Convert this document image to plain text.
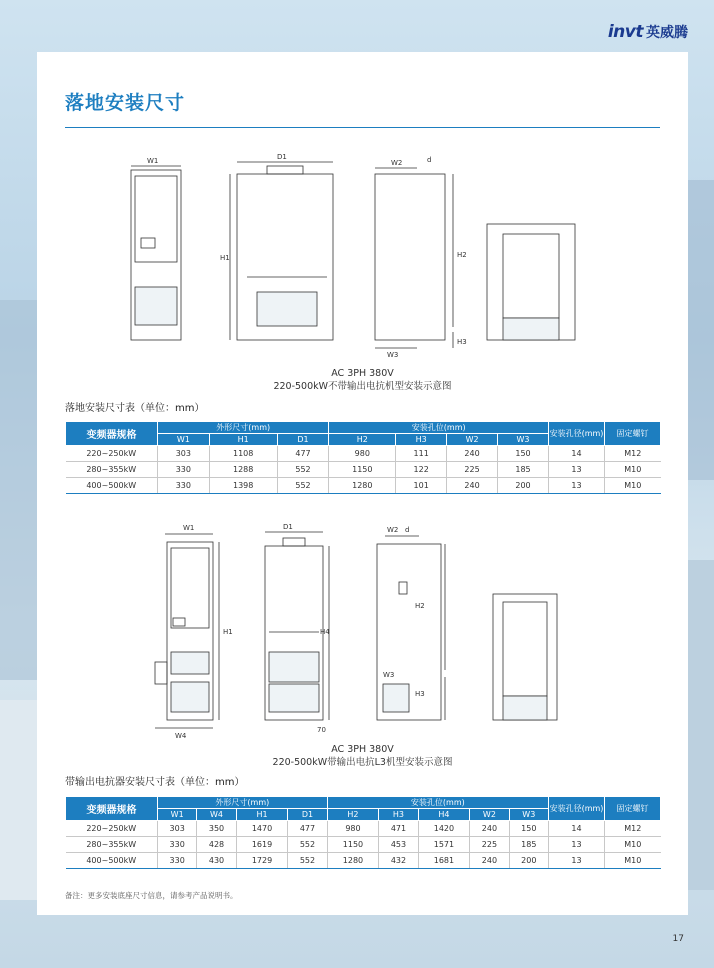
invt 英威腾
落地安装尺寸
W1	D1
H1
W2	d
H2
W3
H3
AC 3PH 380V
220-500kW不带输出电抗机型安装示意图
落地安装尺寸表（单位：mm）
变频器规格	外形尺寸(mm)			安装孔位(mm)				安装孔径(mm)	固定螺钉
	W1	H1	D1	H2	H3	W2	W3		
220~250kW	303	1108	477	980	111	240	150	14	M12
280~355kW	330	1288	552	1150	122	225	185	13	M10
400~500kW	330	1398	552	1280	101	240	200	13	M10
W1
W4
H1
D1
H4
70
W2 d
H2
W3
H3
AC 3PH 380V
220-500kW带输出电抗L3机型安装示意图
带输出电抗器安装尺寸表（单位：mm）
变频器规格	外形尺寸(mm)				安装孔位(mm)					安装孔径(mm)	固定螺钉
	W1	W4	H1	D1	H2	H3	H4	W2	W3		
220~250kW	303	350	1470	477	980	471	1420	240	150	14	M12
280~355kW	330	428	1619	552	1150	453	1571	225	185	13	M10
400~500kW	330	430	1729	552	1280	432	1681	240	200	13	M10
备注：更多安装底座尺寸信息，请参考产品说明书。
17
